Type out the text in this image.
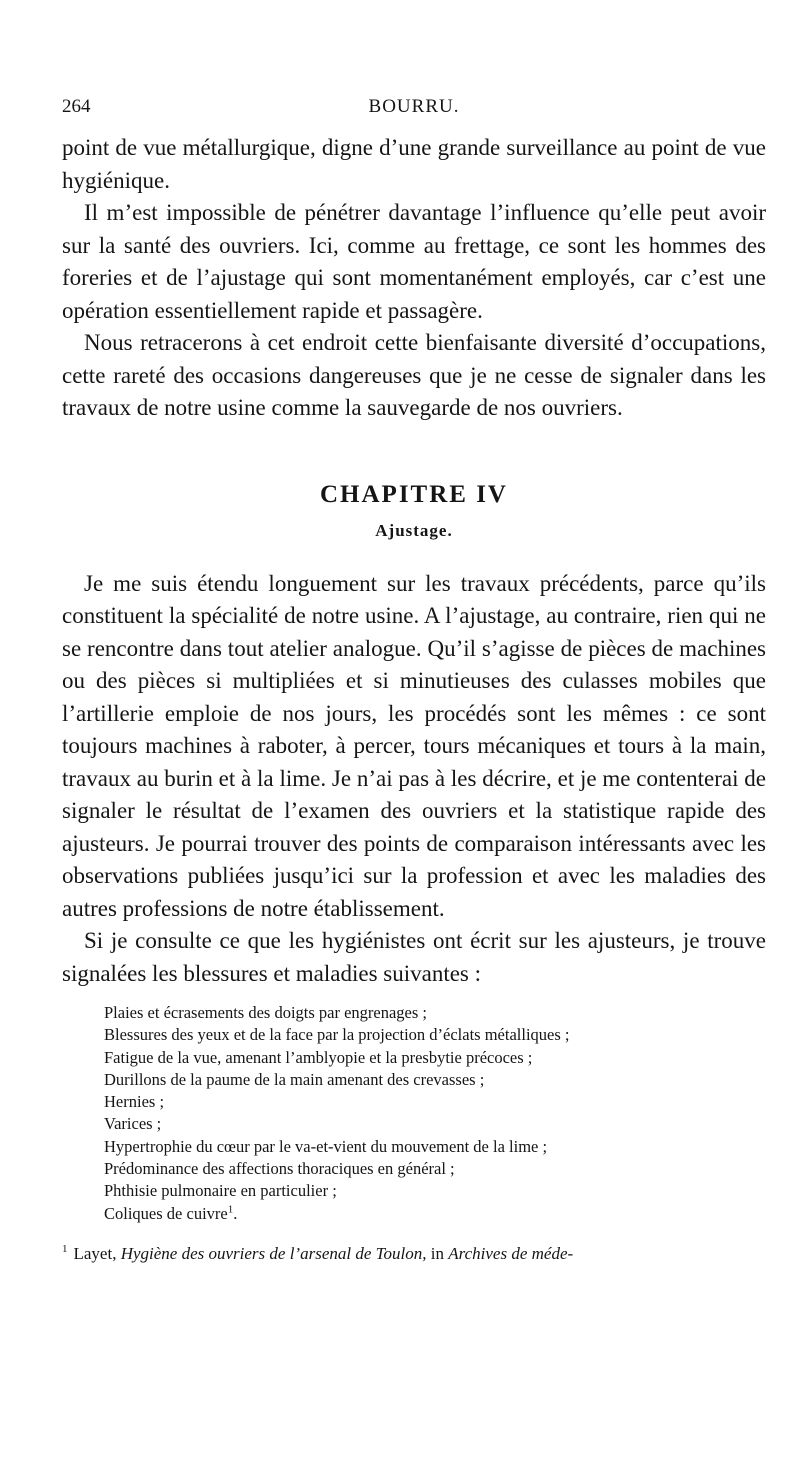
264	BOURRU.

point de vue métallurgique, digne d’une grande surveillance au point de vue hygiénique.

Il m’est impossible de pénétrer davantage l’influence qu’elle peut avoir sur la santé des ouvriers. Ici, comme au frettage, ce sont les hommes des foreries et de l’ajustage qui sont momentanément employés, car c’est une opération essentiellement rapide et passagère.

Nous retracerons à cet endroit cette bienfaisante diversité d’occupations, cette rareté des occasions dangereuses que je ne cesse de signaler dans les travaux de notre usine comme la sauvegarde de nos ouvriers.

CHAPITRE IV
Ajustage.

Je me suis étendu longuement sur les travaux précédents, parce qu’ils constituent la spécialité de notre usine. A l’ajustage, au contraire, rien qui ne se rencontre dans tout atelier analogue. Qu’il s’agisse de pièces de machines ou des pièces si multipliées et si minutieuses des culasses mobiles que l’artillerie emploie de nos jours, les procédés sont les mêmes : ce sont toujours machines à raboter, à percer, tours mécaniques et tours à la main, travaux au burin et à la lime. Je n’ai pas à les décrire, et je me contenterai de signaler le résultat de l’examen des ouvriers et la statistique rapide des ajusteurs. Je pourrai trouver des points de comparaison intéressants avec les observations publiées jusqu’ici sur la profession et avec les maladies des autres professions de notre établissement.

Si je consulte ce que les hygiénistes ont écrit sur les ajusteurs, je trouve signalées les blessures et maladies suivantes :

Plaies et écrasements des doigts par engrenages ;
Blessures des yeux et de la face par la projection d’éclats métalliques ;
Fatigue de la vue, amenant l’amblyopie et la presbytie précoces ;
Durillons de la paume de la main amenant des crevasses ;
Hernies ;
Varices ;
Hypertrophie du cœur par le va-et-vient du mouvement de la lime ;
Prédominance des affections thoraciques en général ;
Phthisie pulmonaire en particulier ;
Coliques de cuivre$^1$.

$^1$ Layet, Hygiène des ouvriers de l’arsenal de Toulon, in Archives de méde-
